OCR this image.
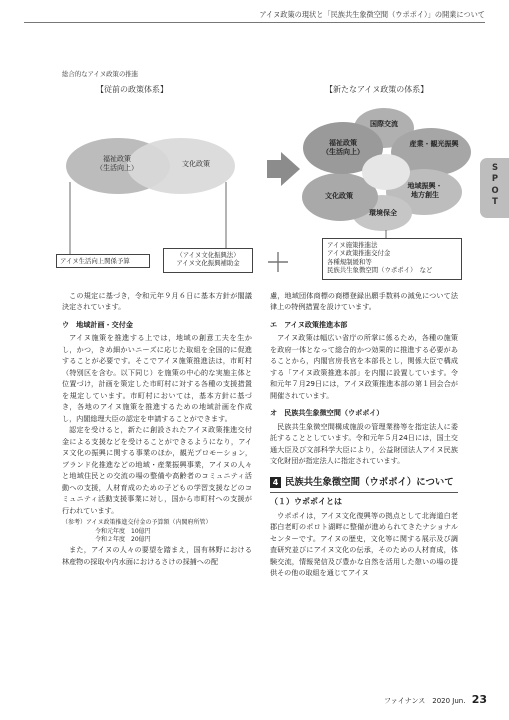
アイヌ政策の現状と「民族共生象徴空間（ウポポイ）」の開業について
S
P
O
T
総合的なアイヌ政策の推進
【従前の政策体系】	【新たなアイヌ政策の体系】
福祉政策
（生活向上）	文化政策
アイヌ生活向上関係予算
（アイヌ文化振興法）
アイヌ文化振興補助金
国際交流
福祉政策
（生活向上）
産業・観光振興
文化政策
地域振興・
地方創生
環境保全
アイヌ施策推進法
アイヌ政策推進交付金
各種規制緩和等
民族共生象徴空間（ウポポイ）　など

この規定に基づき，令和元年９月６日に基本方針が閣議決定されています。

ウ　地域計画・交付金

アイヌ施策を推進する上では，地域の創意工夫を生かし，かつ，きめ細かいニーズに応じた取組を全国的に促進することが必要です。そこでアイヌ施策推進法は，市町村（特別区を含む。以下同じ）を施策の中心的な実施主体と位置づけ，計画を策定した市町村に対する各種の支援措置を規定しています。市町村においては，基本方針に基づき，各地のアイヌ施策を推進するための地域計画を作成し，内閣総理大臣の認定を申請することができます。

認定を受けると，新たに創設されたアイヌ政策推進交付金による支援などを受けることができるようになり，アイヌ文化の振興に関する事業のほか，観光プロモーション，ブランド化推進などの地域・産業振興事業，アイヌの人々と地域住民との交流の場の整備や高齢者のコミュニティ活動への支援，人材育成のための子どもの学習支援などのコミュニティ活動支援事業に対し，国から市町村への支援が行われています。

（参考）アイヌ政策推進交付金の予算額（内閣府所管）
令和元年度　10億円
令和２年度　20億円

また，アイヌの人々の要望を踏まえ，国有林野における林産物の採取や内水面におけるさけの採捕への配

慮，地域団体商標の商標登録出願手数料の減免について法律上の特例措置を設けています。

エ　アイヌ政策推進本部

アイヌ政策は幅広い省庁の所掌に係るため，各種の施策を政府一体となって総合的かつ効果的に推進する必要があることから，内閣官房長官を本部長とし，関係大臣で構成する「アイヌ政策推進本部」を内閣に設置しています。令和元年７月29日には，アイヌ政策推進本部の第１回会合が開催されています。

オ　民族共生象徴空間（ウポポイ）

民族共生象徴空間構成施設の管理業務等を指定法人に委託することとしています。令和元年５月24日には，国土交通大臣及び文部科学大臣により，公益財団法人アイヌ民族文化財団が指定法人に指定されています。

4 民族共生象徴空間（ウポポイ）について
（１）ウポポイとは

ウポポイは，アイヌ文化復興等の拠点として北海道白老郡白老町のポロト湖畔に整備が進められてきたナショナルセンターです。アイヌの歴史，文化等に関する展示及び調査研究並びにアイヌ文化の伝承，そのための人材育成，体験交流，情報発信及び豊かな自然を活用した憩いの場の提供その他の取組を通じてアイヌ

ファイナンス　2020 Jun. 23
